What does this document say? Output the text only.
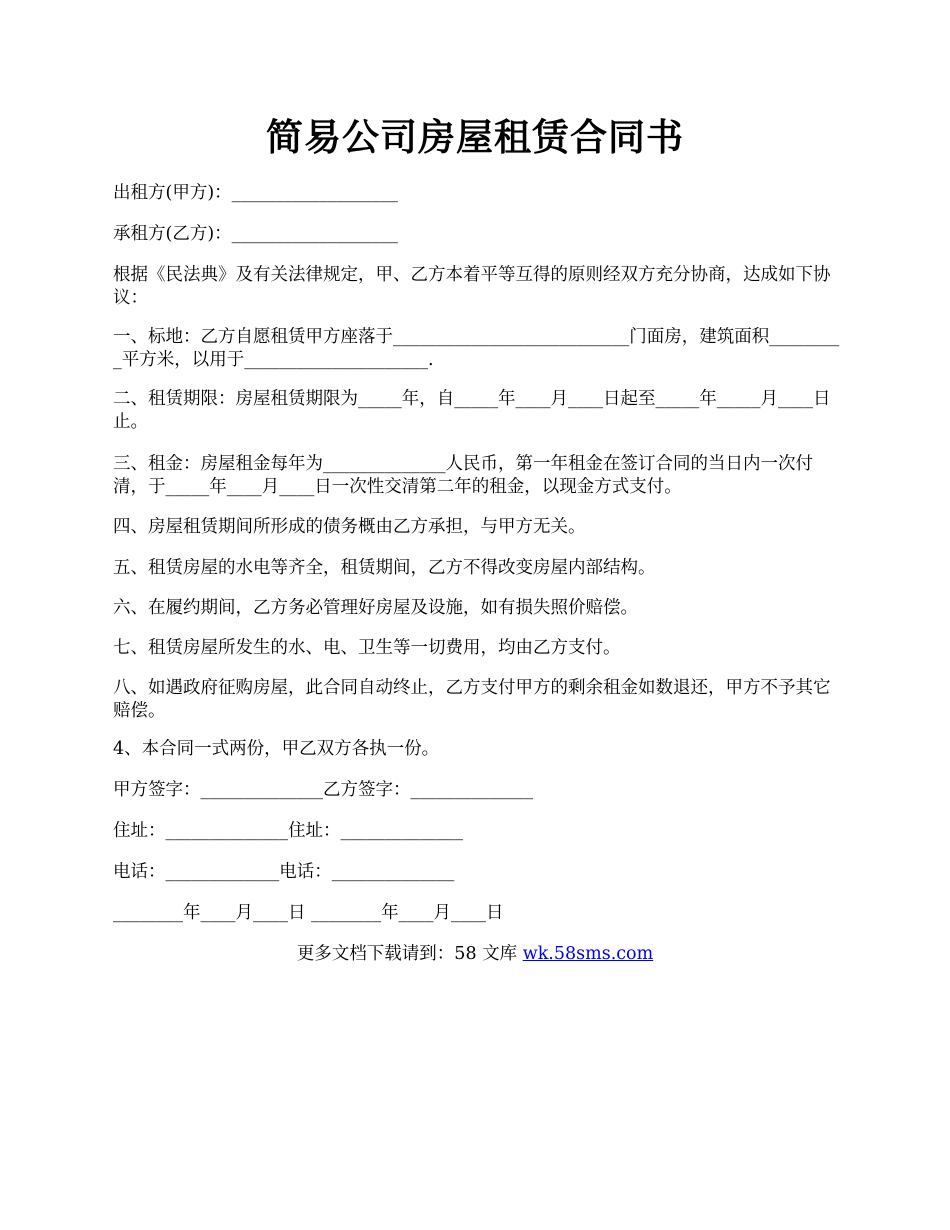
简易公司房屋租赁合同书
出租方(甲方)：___________________
承租方(乙方)：___________________
根据《民法典》及有关法律规定，甲、乙方本着平等互得的原则经双方充分协商，达成如下协议：
一、标地：乙方自愿租赁甲方座落于___________________________门面房，建筑面积_________平方米，以用于_____________________.
二、租赁期限：房屋租赁期限为_____年，自_____年____月____日起至_____年_____月____日止。
三、租金：房屋租金每年为______________人民币，第一年租金在签订合同的当日内一次付清，于_____年____月____日一次性交清第二年的租金，以现金方式支付。
四、房屋租赁期间所形成的债务概由乙方承担，与甲方无关。
五、租赁房屋的水电等齐全，租赁期间，乙方不得改变房屋内部结构。
六、在履约期间，乙方务必管理好房屋及设施，如有损失照价赔偿。
七、租赁房屋所发生的水、电、卫生等一切费用，均由乙方支付。
八、如遇政府征购房屋，此合同自动终止，乙方支付甲方的剩余租金如数退还，甲方不予其它赔偿。
4、本合同一式两份，甲乙双方各执一份。
甲方签字：______________乙方签字：______________
住址：______________住址：______________
电话：_____________电话：______________
________年____月____日 ________年____月____日
更多文档下载请到：58 文库 wk.58sms.com
